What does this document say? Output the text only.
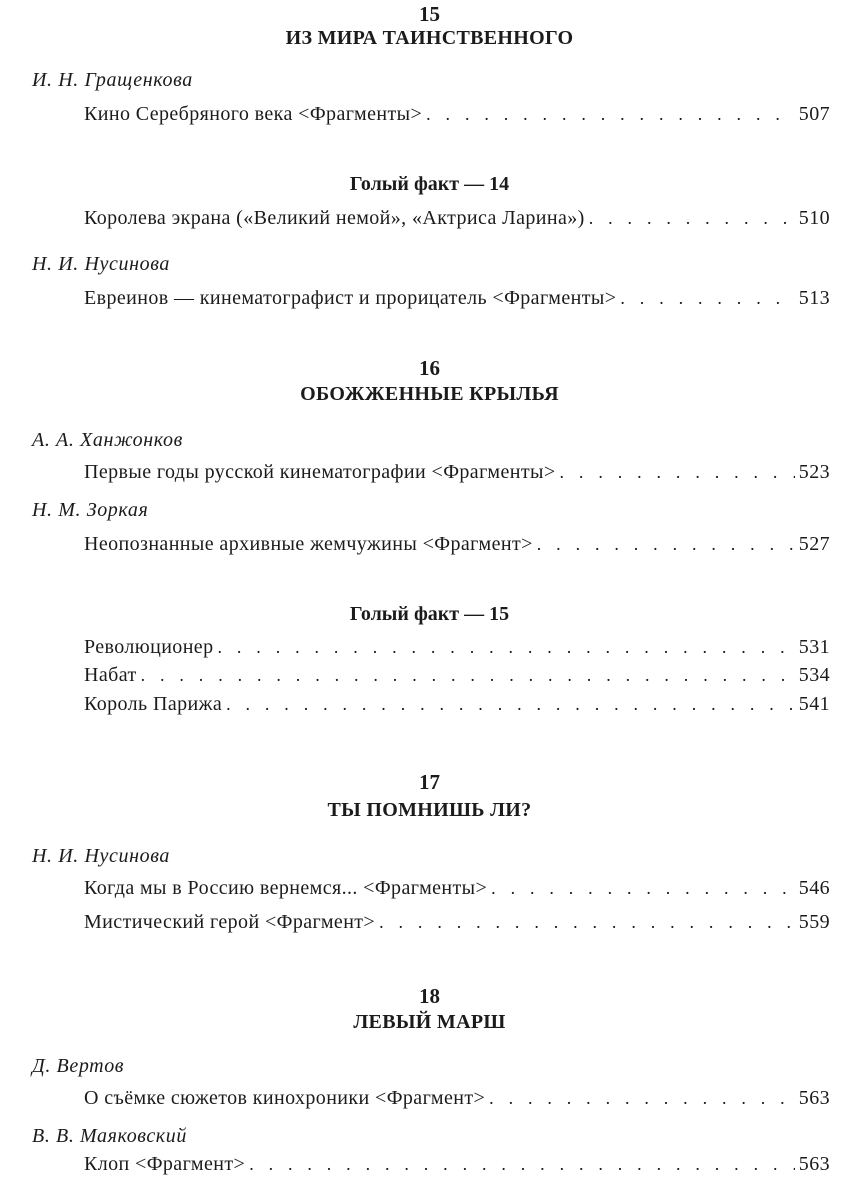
15
ИЗ МИРА ТАИНСТВЕННОГО
И. Н. Гращенкова
Кино Серебряного века <Фрагменты> . . .	507
Голый факт — 14
Королева экрана («Великий немой», «Актриса Ларина») . . .	510
Н. И. Нусинова
Евреинов — кинематографист и прорицатель <Фрагменты> . . .	513
16
ОБОЖЖЕННЫЕ КРЫЛЬЯ
А. А. Ханжонков
Первые годы русской кинематографии <Фрагменты> . . .	523
Н. М. Зоркая
Неопознанные архивные жемчужины <Фрагмент> . . .	527
Голый факт — 15
Революционер . . .	531
Набат . . .	534
Король Парижа . . .	541
17
ТЫ ПОМНИШЬ ЛИ?
Н. И. Нусинова
Когда мы в Россию вернемся... <Фрагменты> . . .	546
Мистический герой <Фрагмент> . . .	559
18
ЛЕВЫЙ МАРШ
Д. Вертов
О съёмке сюжетов кинохроники <Фрагмент> . . .	563
В. В. Маяковский
Клоп <Фрагмент> . . .	563
